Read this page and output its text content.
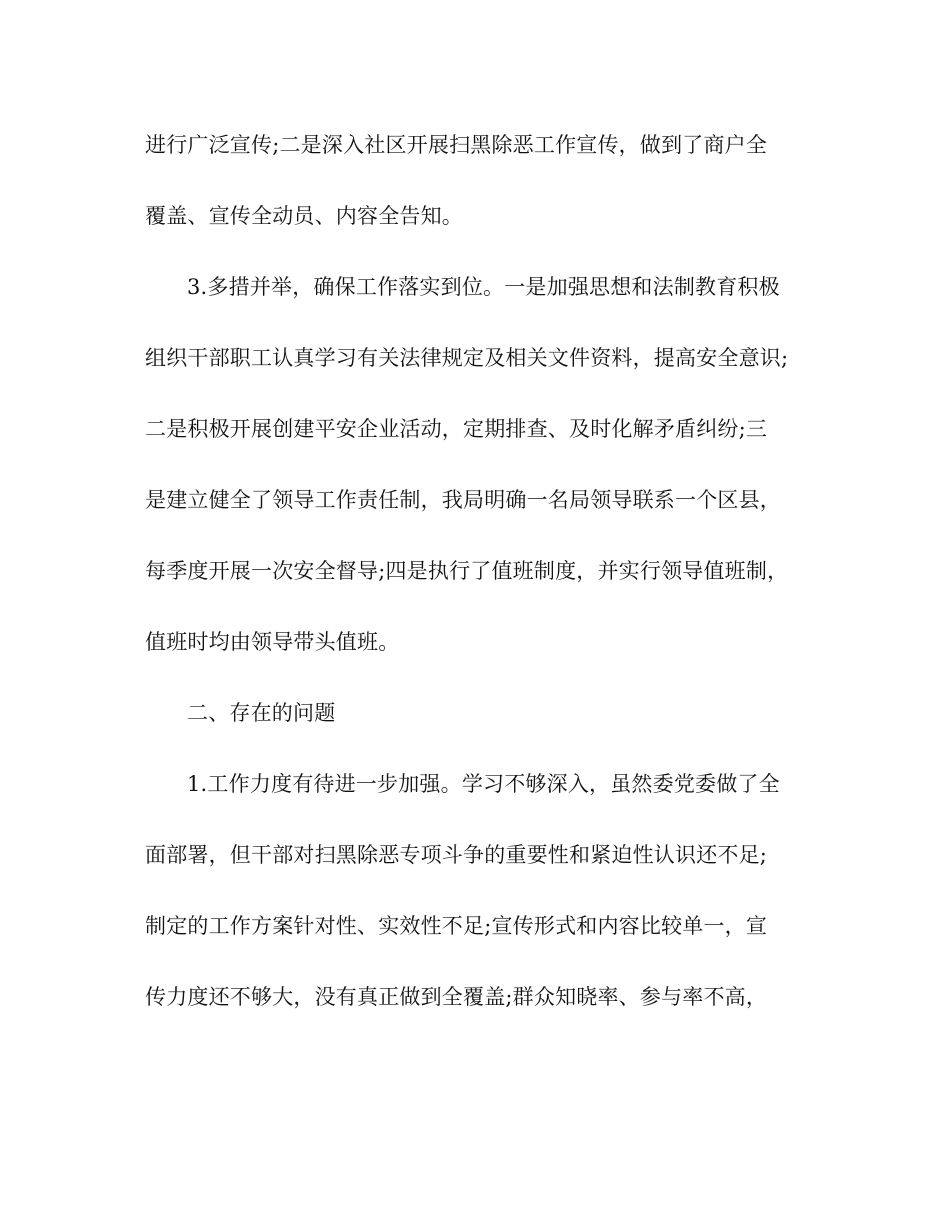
进行广泛宣传;二是深入社区开展扫黑除恶工作宣传，做到了商户全
覆盖、宣传全动员、内容全告知。
3.多措并举，确保工作落实到位。一是加强思想和法制教育积极
组织干部职工认真学习有关法律规定及相关文件资料，提高安全意识;
二是积极开展创建平安企业活动，定期排查、及时化解矛盾纠纷;三
是建立健全了领导工作责任制，我局明确一名局领导联系一个区县，
每季度开展一次安全督导;四是执行了值班制度，并实行领导值班制，
值班时均由领导带头值班。
二、存在的问题
1.工作力度有待进一步加强。学习不够深入，虽然委党委做了全
面部署，但干部对扫黑除恶专项斗争的重要性和紧迫性认识还不足;
制定的工作方案针对性、实效性不足;宣传形式和内容比较单一，宣
传力度还不够大，没有真正做到全覆盖;群众知晓率、参与率不高，
